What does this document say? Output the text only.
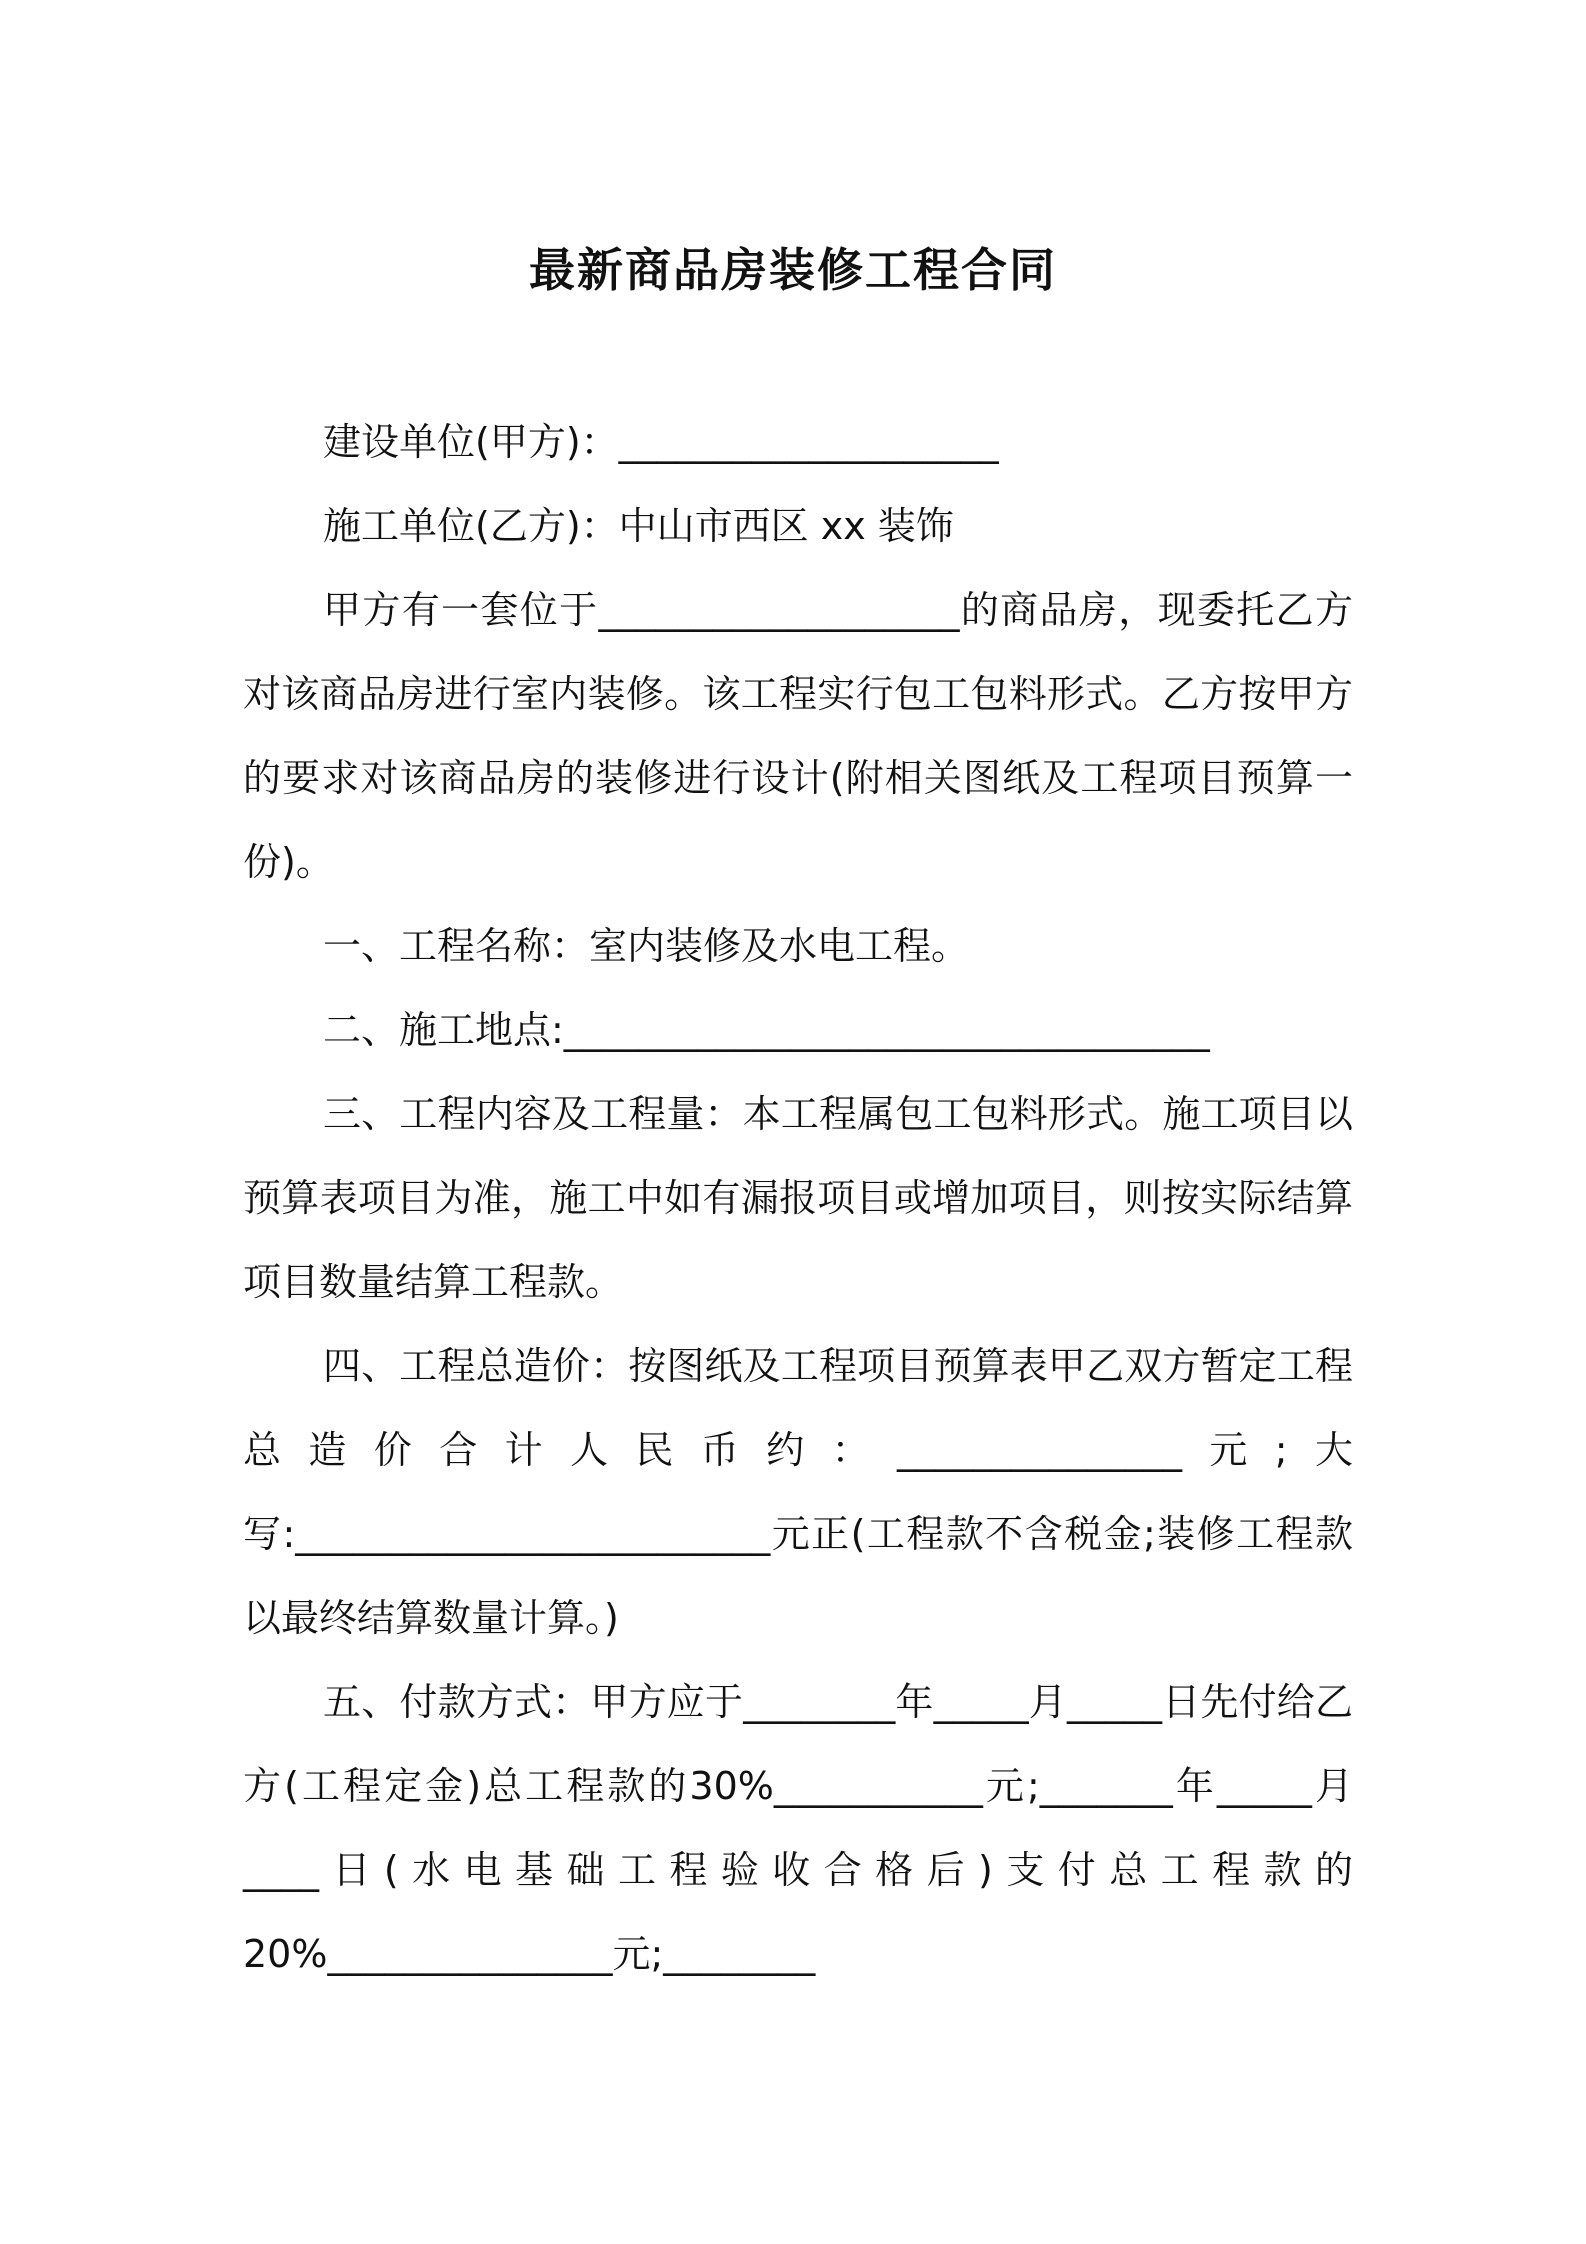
最新商品房装修工程合同

建设单位(甲方)：____________________

施工单位(乙方)：中山市西区 xx 装饰

甲方有一套位于___________________的商品房，现委托乙方对该商品房进行室内装修。该工程实行包工包料形式。乙方按甲方的要求对该商品房的装修进行设计(附相关图纸及工程项目预算一份)。

一、工程名称：室内装修及水电工程。

二、施工地点:__________________________________

三、工程内容及工程量：本工程属包工包料形式。施工项目以预算表项目为准，施工中如有漏报项目或增加项目，则按实际结算项目数量结算工程款。

四、工程总造价：按图纸及工程项目预算表甲乙双方暂定工程总造价合计人民币约：_______________元;大写:_________________________元正(工程款不含税金;装修工程款以最终结算数量计算。)

五、付款方式：甲方应于________年_____月_____日先付给乙方(工程定金)总工程款的30%___________元;_______年_____月____日(水电基础工程验收合格后)支付总工程款的20%_______________元;________
